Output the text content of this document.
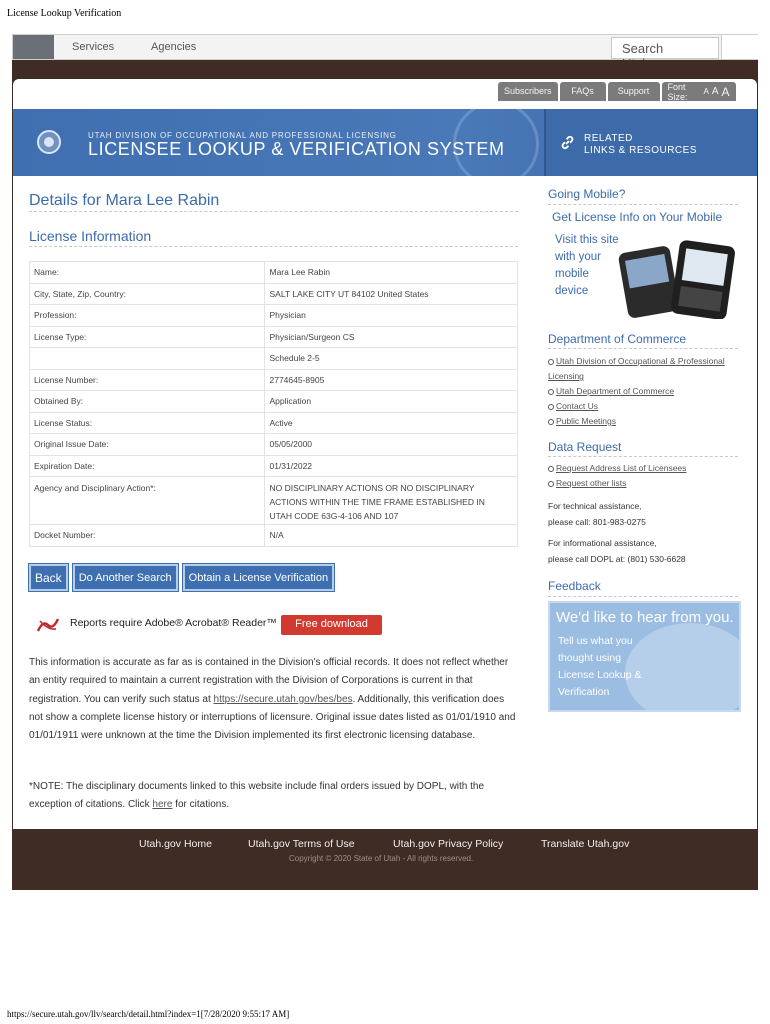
License Lookup Verification
Services	Agencies	Search
Subscribers	FAQs	Support	Font Size:	A A A
UTAH DIVISION OF OCCUPATIONAL AND PROFESSIONAL LICENSING
LICENSEE LOOKUP & VERIFICATION SYSTEM
RELATED
LINKS & RESOURCES
Details for Mara Lee Rabin
License Information
Name:	Mara Lee Rabin
City, State, Zip, Country:	SALT LAKE CITY UT 84102 United States
Profession:	Physician
License Type:	Physician/Surgeon CS
	Schedule 2-5
License Number:	2774645-8905
Obtained By:	Application
License Status:	Active
Original Issue Date:	05/05/2000
Expiration Date:	01/31/2022
Agency and Disciplinary Action*:	NO DISCIPLINARY ACTIONS OR NO DISCIPLINARY
ACTIONS WITHIN THE TIME FRAME ESTABLISHED IN
UTAH CODE 63G-4-106 AND 107

Docket Number:	N/A
Back	Do Another Search	Obtain a License Verification
Reports require Adobe® Acrobat® Reader™	Free download

This information is accurate as far as is contained in the Division's official records. It does not reflect whether an entity required to maintain a current registration with the Division of Corporations is current in that registration. You can verify such status at https://secure.utah.gov/bes/bes. Additionally, this verification does not show a complete license history or interruptions of licensure. Original issue dates listed as 01/01/1910 and 01/01/1911 were unknown at the time the Division implemented its first electronic licensing database.

*NOTE: The disciplinary documents linked to this website include final orders issued by DOPL, with the exception of citations. Click here for citations.

Going Mobile?
Get License Info on Your Mobile
Visit this site
with your
mobile
device
Department of Commerce
Utah Division of Occupational & Professional
Licensing
Utah Department of Commerce
Contact Us
Public Meetings
Data Request
Request Address List of Licensees
Request other lists
For technical assistance,
please call: 801-983-0275
For informational assistance,
please call DOPL at: (801) 530-6628
Feedback
We'd like to hear from you.
Tell us what you
thought using
License Lookup &
Verification
Utah.gov Home	Utah.gov Terms of Use	Utah.gov Privacy Policy	Translate Utah.gov
Copyright © 2020 State of Utah - All rights reserved.
https://secure.utah.gov/llv/search/detail.html?index=1[7/28/2020 9:55:17 AM]
